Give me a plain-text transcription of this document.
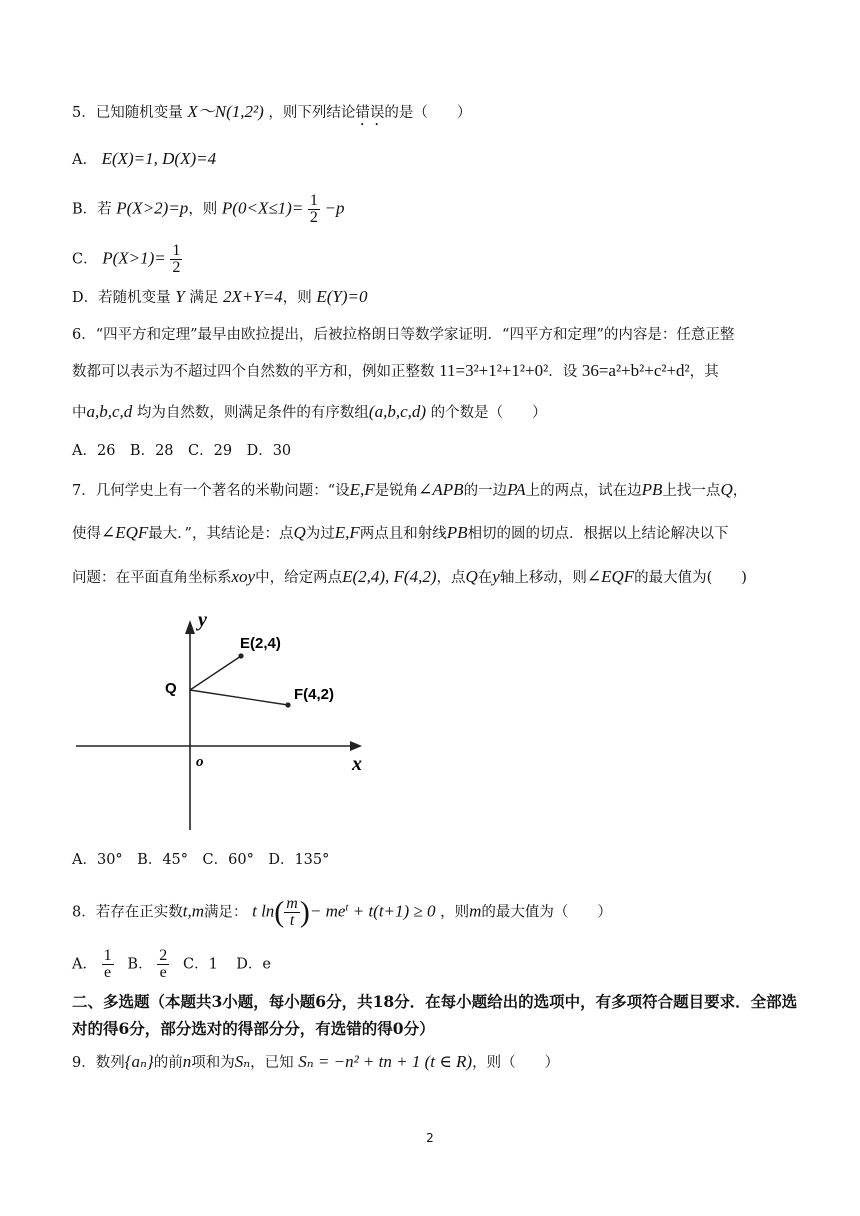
5．已知随机变量 X～N(1,2²) ，则下列结论错误的是（　　）
A． E(X)=1, D(X)=4
B．若 P(X>2)=p，则 $P(0<X\le 1)= \frac{1}{2} -p$
C． $P(X>1)= \frac{1}{2}$
D．若随机变量 Y 满足 2X+Y=4，则 E(Y)=0
6．“四平方和定理”最早由欧拉提出，后被拉格朗日等数学家证明．“四平方和定理”的内容是：任意正整
数都可以表示为不超过四个自然数的平方和，例如正整数 11=3²+1²+1²+0²．设 36=a²+b²+c²+d²，其
中a,b,c,d 均为自然数，则满足条件的有序数组(a,b,c,d) 的个数是（　　）
A．26　B．28　C．29　D．30
7．几何学史上有一个著名的米勒问题：“设E,F是锐角∠APB的一边PA上的两点，试在边PB上找一点Q，
使得∠EQF最大．”，其结论是：点Q为过E,F两点且和射线PB相切的圆的切点．根据以上结论解决以下
问题：在平面直角坐标系xoy中，给定两点E(2,4), F(4,2)，点Q在y轴上移动，则∠EQF的最大值为(　　)
y
x
o
Q
E(2,4)
F(4,2)
A．30°　B．45°　C．60°　D．135°
8．若存在正实数t,m满足： t $\ln( \frac{m}{t}$ )− $me^t + t(t+1) \ge 0$ ，则m的最大值为（　　）
A． $\frac{1}{e}$ B． $\frac{2}{e}$ C．1 D．e
二、多选题（本题共3小题，每小题6分，共18分．在每小题给出的选项中，有多项符合题目要求．全部选对的得6分，部分选对的得部分分，有选错的得0分）
9．数列{aₙ}的前n项和为Sₙ，已知 Sₙ = −n² + tn + 1 (t ∈ R)，则（　　）
2
